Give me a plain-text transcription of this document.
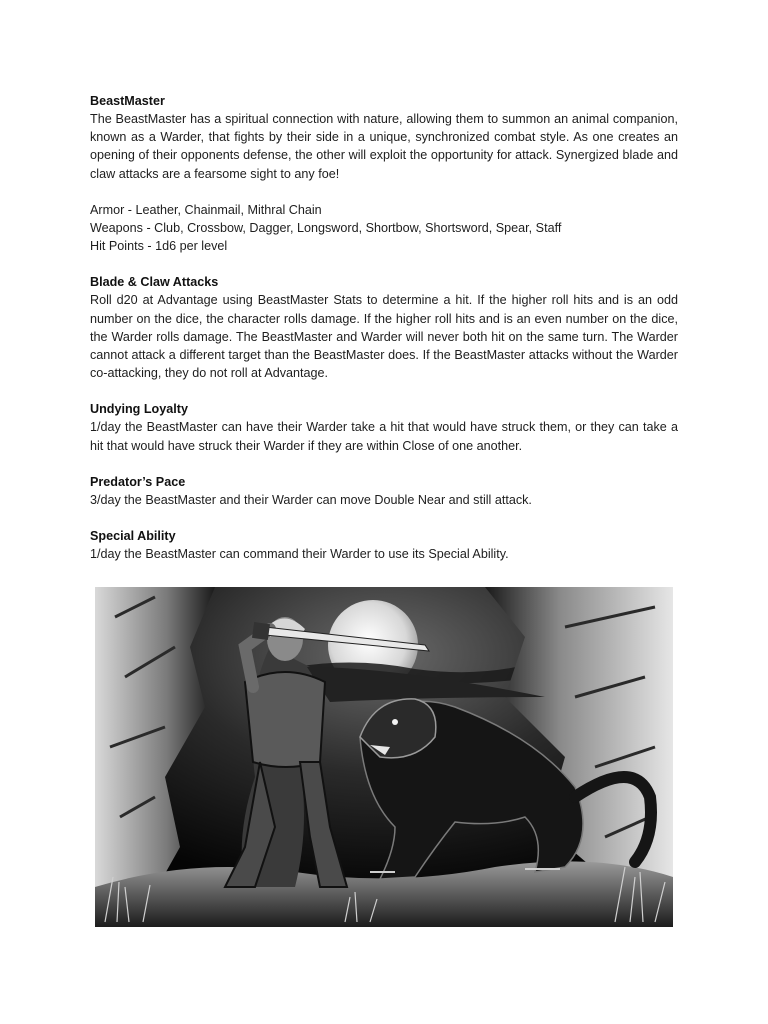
BeastMaster

The BeastMaster has a spiritual connection with nature, allowing them to summon an animal companion, known as a Warder, that fights by their side in a unique, synchronized combat style. As one creates an opening of their opponents defense, the other will exploit the opportunity for attack. Synergized blade and claw attacks are a fearsome sight to any foe!

Armor - Leather, Chainmail, Mithral Chain
Weapons - Club, Crossbow, Dagger, Longsword, Shortbow, Shortsword, Spear, Staff
Hit Points - 1d6 per level
Blade & Claw Attacks

Roll d20 at Advantage using BeastMaster Stats to determine a hit. If the higher roll hits and is an odd number on the dice, the character rolls damage. If the higher roll hits and is an even number on the dice, the Warder rolls damage. The BeastMaster and Warder will never both hit on the same turn. The Warder cannot attack a different target than the BeastMaster does. If the BeastMaster attacks without the Warder co-attacking, they do not roll at Advantage.

Undying Loyalty

1/day the BeastMaster can have their Warder take a hit that would have struck them, or they can take a hit that would have struck their Warder if they are within Close of one another.

Predator’s Pace

3/day the BeastMaster and their Warder can move Double Near and still attack.

Special Ability

1/day the BeastMaster can command their Warder to use its Special Ability.
